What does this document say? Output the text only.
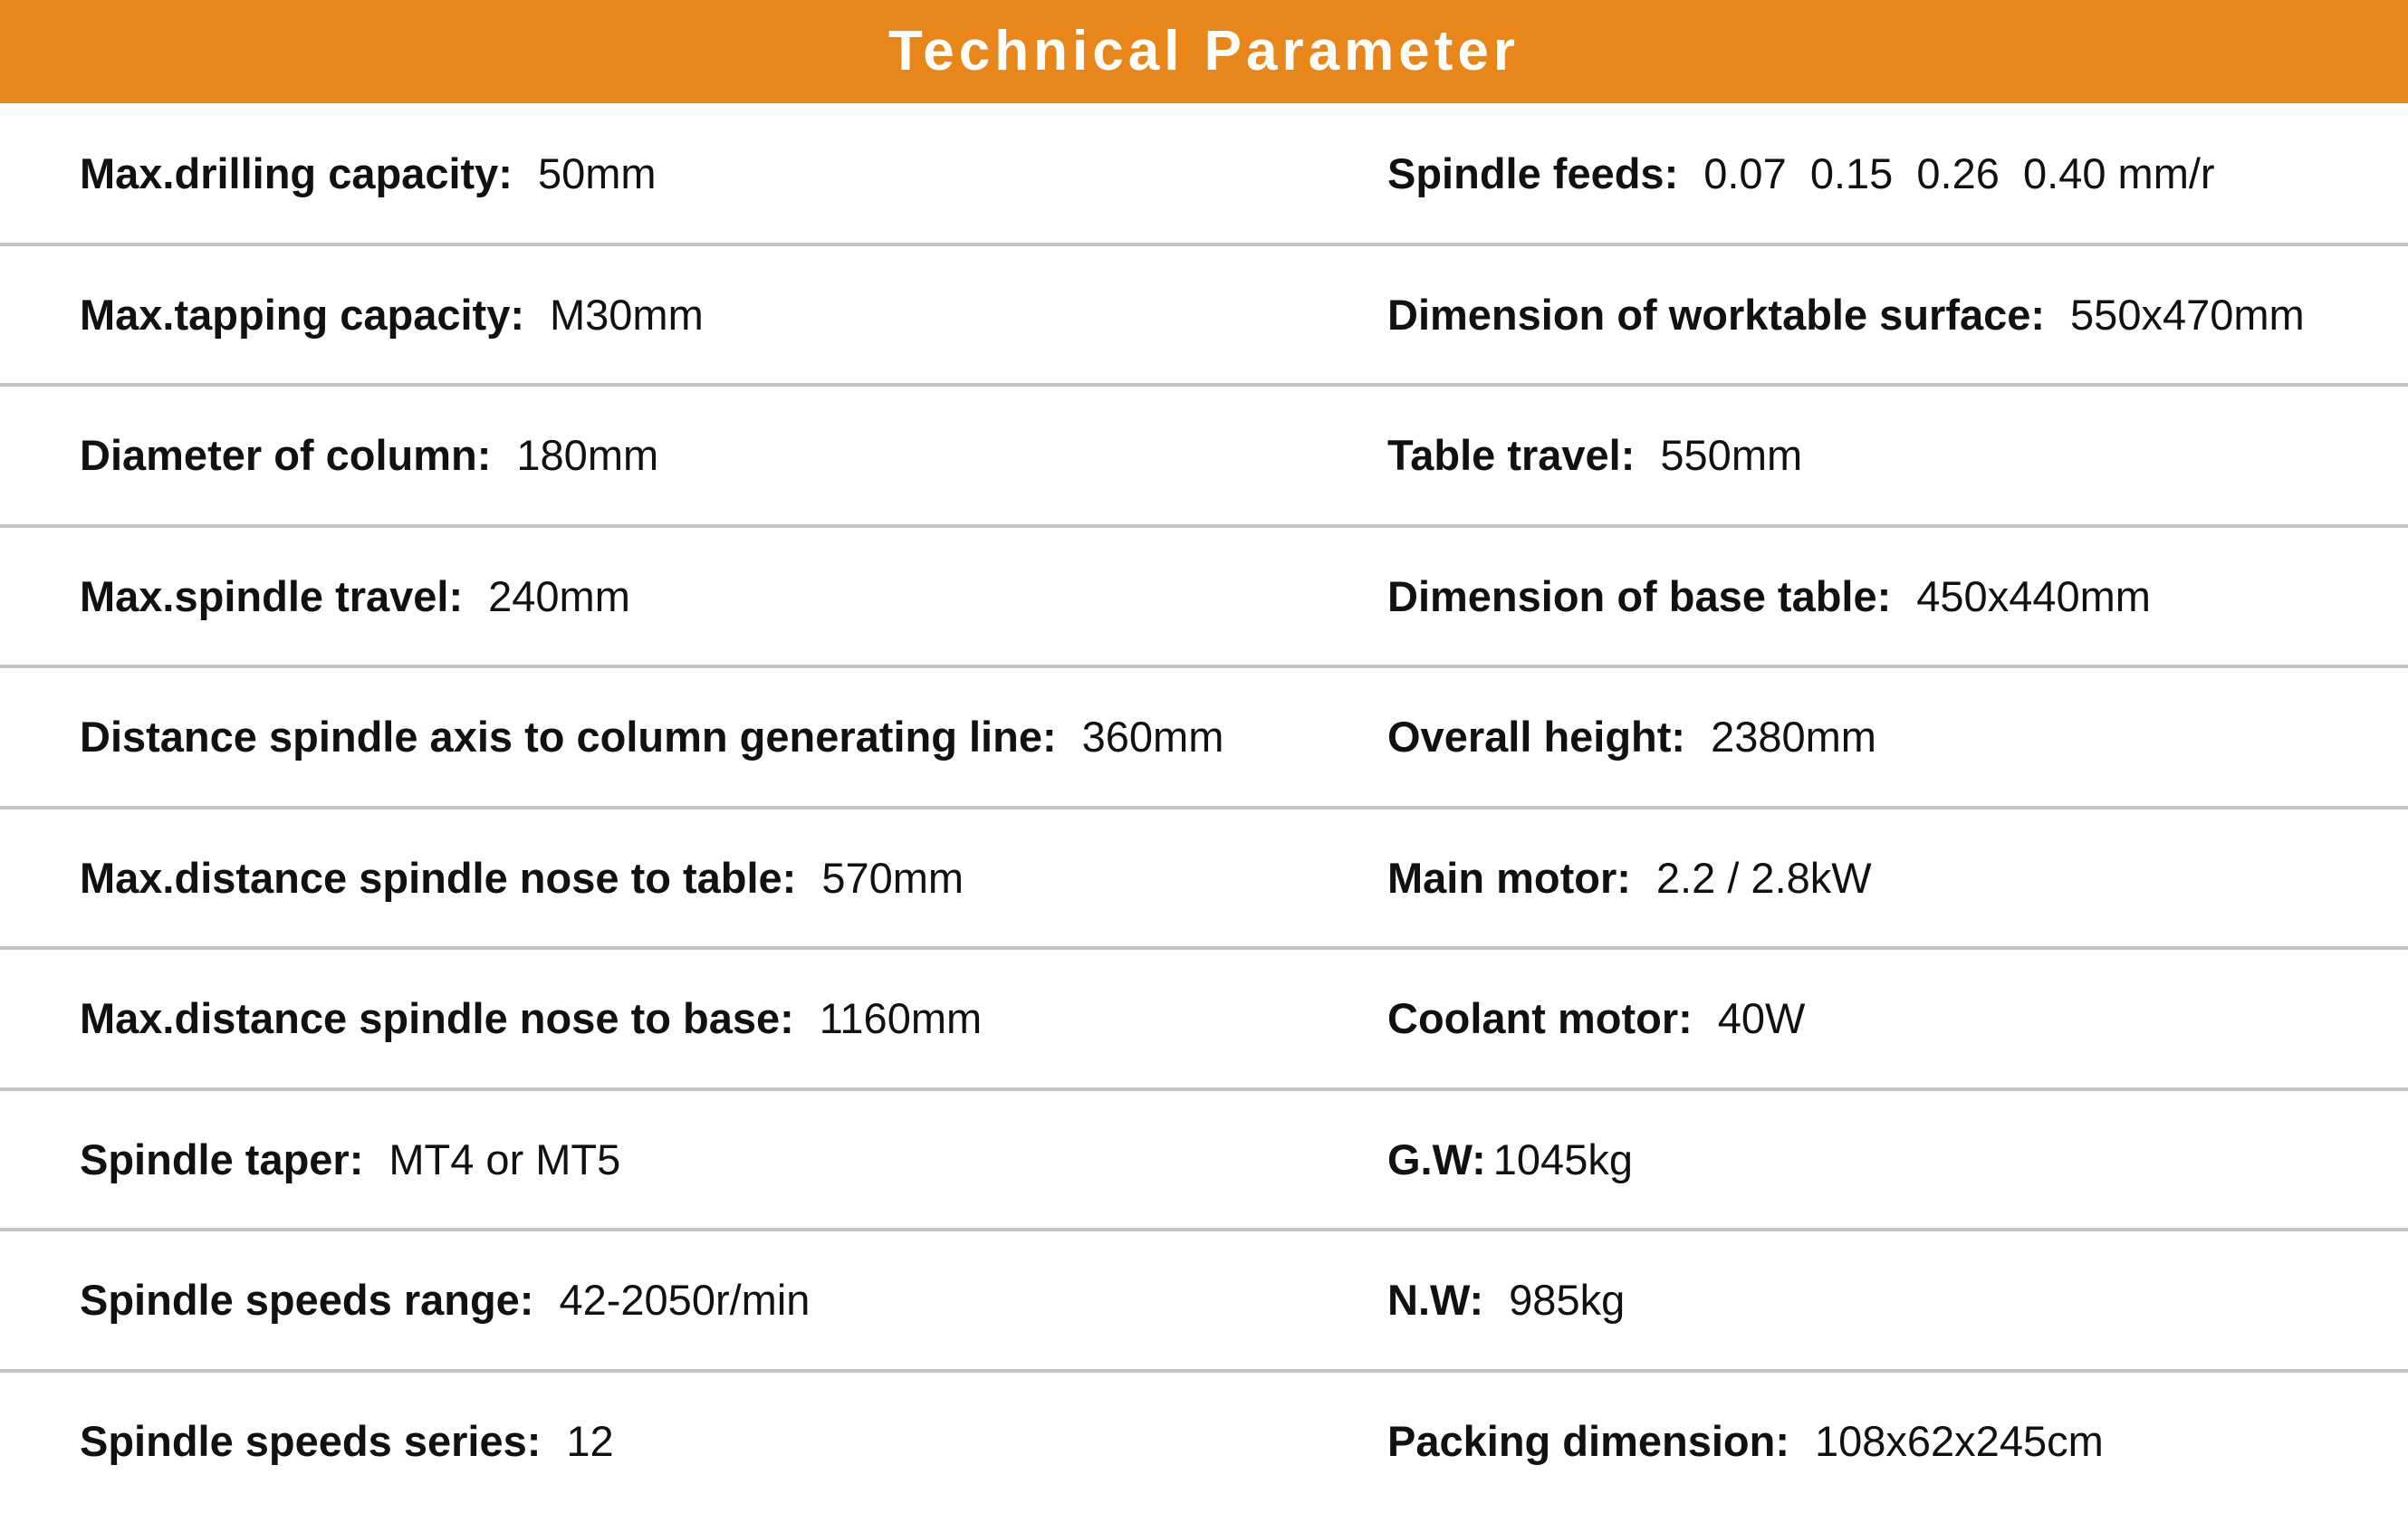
Technical Parameter
Max.drilling capacity: 50mm	Spindle feeds: 0.07  0.15  0.26  0.40 mm/r
Max.tapping capacity: M30mm	Dimension of worktable surface: 550x470mm
Diameter of column: 180mm	Table travel: 550mm
Max.spindle travel: 240mm	Dimension of base table: 450x440mm
Distance spindle axis to column generating line: 360mm	Overall height: 2380mm
Max.distance spindle nose to table: 570mm	Main motor: 2.2 / 2.8kW
Max.distance spindle nose to base: 1160mm	Coolant motor: 40W
Spindle taper: MT4 or MT5	G.W: 1045kg
Spindle speeds range: 42-2050r/min	N.W: 985kg
Spindle speeds series: 12	Packing dimension: 108x62x245cm
